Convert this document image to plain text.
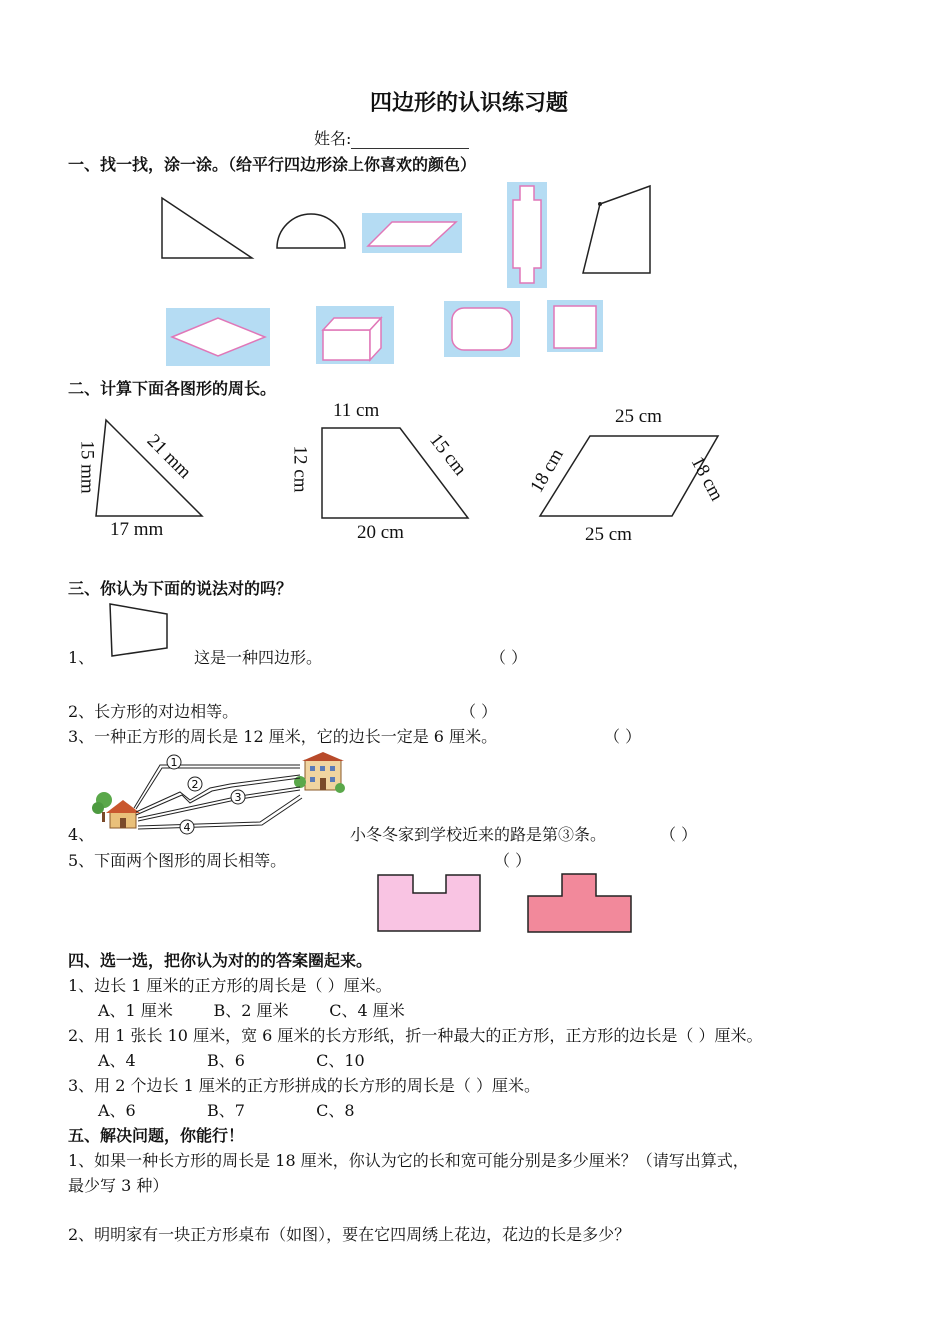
四边形的认识练习题
姓名:
一、找一找，涂一涂。（给平行四边形涂上你喜欢的颜色）
二、计算下面各图形的周长。
15 mm 21 mm
17 mm
11 cm
12 cm	15 cm
20 cm
25 cm
18 cm	18 cm
25 cm
三、你认为下面的说法对的吗？
1、	这是一种四边形。	（ ）
2、长方形的对边相等。	（ ）
3、一种正方形的周长是 12 厘米，它的边长一定是 6 厘米。	（ ）
1
2
3
4
4、	小冬冬家到学校近来的路是第③条。	（ ）
5、下面两个图形的周长相等。	（ ）
四、选一选，把你认为对的的答案圈起来。
1、边长 1 厘米的正方形的周长是（ ）厘米。
A、1 厘米        B、2 厘米        C、4 厘米
2、用 1 张长 10 厘米，宽 6 厘米的长方形纸，折一种最大的正方形，正方形的边长是（ ）厘米。
A、4              B、6              C、10
3、用 2 个边长 1 厘米的正方形拼成的长方形的周长是（ ）厘米。
A、6              B、7              C、8
五、解决问题，你能行！
1、如果一种长方形的周长是 18 厘米，你认为它的长和宽可能分别是多少厘米？（请写出算式，
最少写 3 种）
2、明明家有一块正方形桌布（如图），要在它四周绣上花边，花边的长是多少？
